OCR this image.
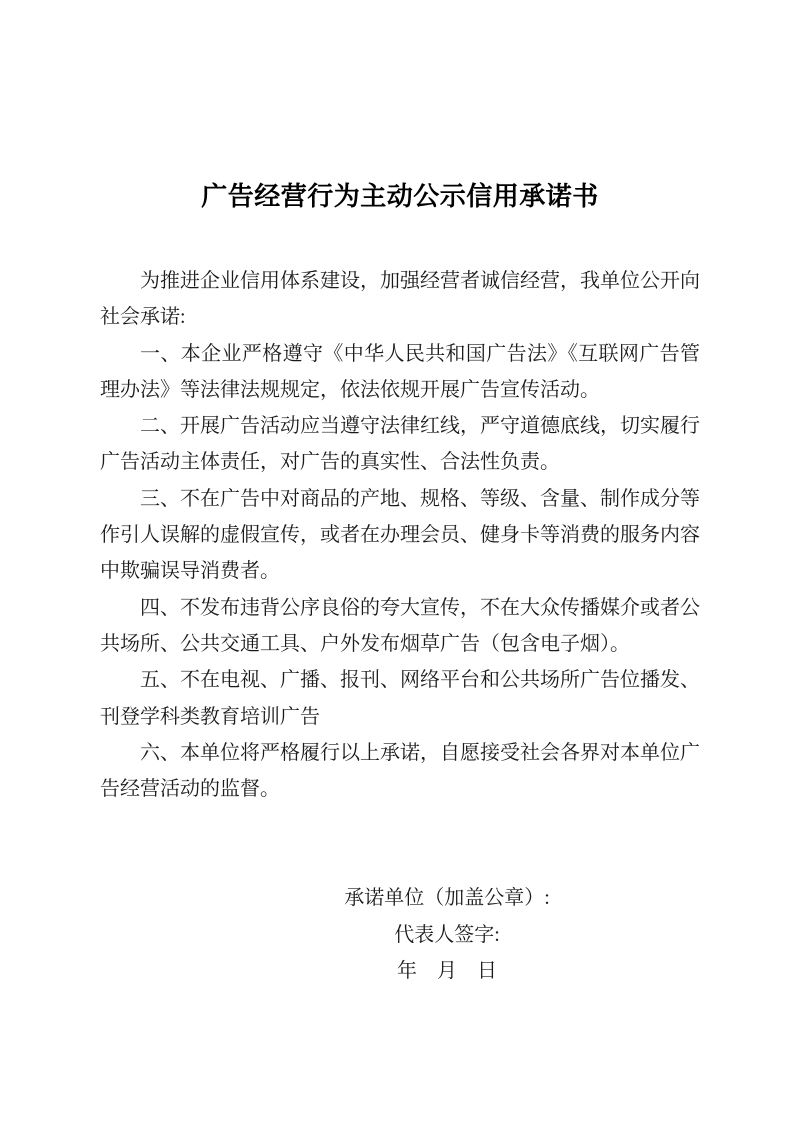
广告经营行为主动公示信用承诺书

为推进企业信用体系建设，加强经营者诚信经营，我单位公开向社会承诺:

一、本企业严格遵守《中华人民共和国广告法》《互联网广告管理办法》等法律法规规定，依法依规开展广告宣传活动。

二、开展广告活动应当遵守法律红线，严守道德底线，切实履行广告活动主体责任，对广告的真实性、合法性负责。

三、不在广告中对商品的产地、规格、等级、含量、制作成分等作引人误解的虚假宣传，或者在办理会员、健身卡等消费的服务内容中欺骗误导消费者。

四、不发布违背公序良俗的夸大宣传，不在大众传播媒介或者公共场所、公共交通工具、户外发布烟草广告（包含电子烟）。

五、不在电视、广播、报刊、网络平台和公共场所广告位播发、刊登学科类教育培训广告

六、本单位将严格履行以上承诺，自愿接受社会各界对本单位广告经营活动的监督。

承诺单位（加盖公章）:
代表人签字:
年　月　日
